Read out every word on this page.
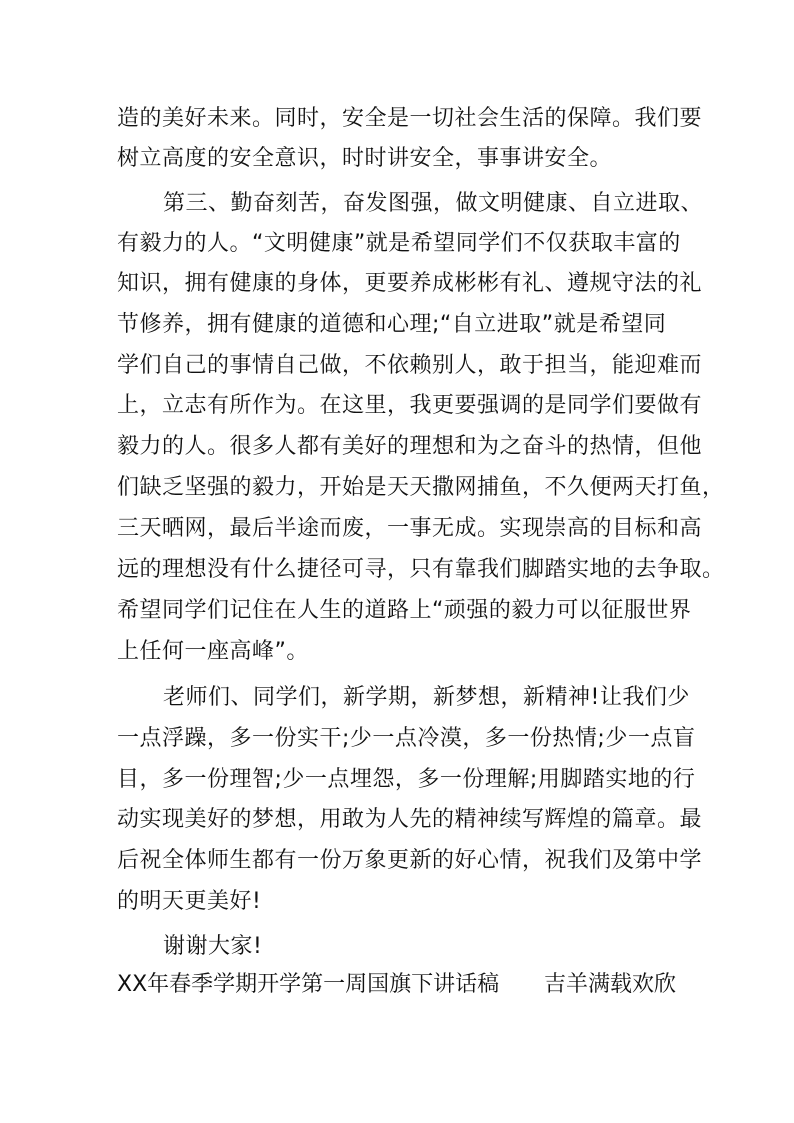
造的美好未来。同时，安全是一切社会生活的保障。我们要
树立高度的安全意识，时时讲安全，事事讲安全。
第三、勤奋刻苦，奋发图强，做文明健康、自立进取、
有毅力的人。“文明健康”就是希望同学们不仅获取丰富的
知识，拥有健康的身体，更要养成彬彬有礼、遵规守法的礼
节修养，拥有健康的道德和心理;“自立进取”就是希望同
学们自己的事情自己做，不依赖别人，敢于担当，能迎难而
上，立志有所作为。在这里，我更要强调的是同学们要做有
毅力的人。很多人都有美好的理想和为之奋斗的热情，但他
们缺乏坚强的毅力，开始是天天撒网捕鱼，不久便两天打鱼，
三天晒网，最后半途而废，一事无成。实现崇高的目标和高
远的理想没有什么捷径可寻，只有靠我们脚踏实地的去争取。
希望同学们记住在人生的道路上“顽强的毅力可以征服世界
上任何一座高峰”。
老师们、同学们，新学期，新梦想，新精神!让我们少
一点浮躁，多一份实干;少一点冷漠，多一份热情;少一点盲
目，多一份理智;少一点埋怨，多一份理解;用脚踏实地的行
动实现美好的梦想，用敢为人先的精神续写辉煌的篇章。最
后祝全体师生都有一份万象更新的好心情，祝我们及第中学
的明天更美好!
谢谢大家!
XX年春季学期开学第一周国旗下讲话稿 吉羊满载欢欣
